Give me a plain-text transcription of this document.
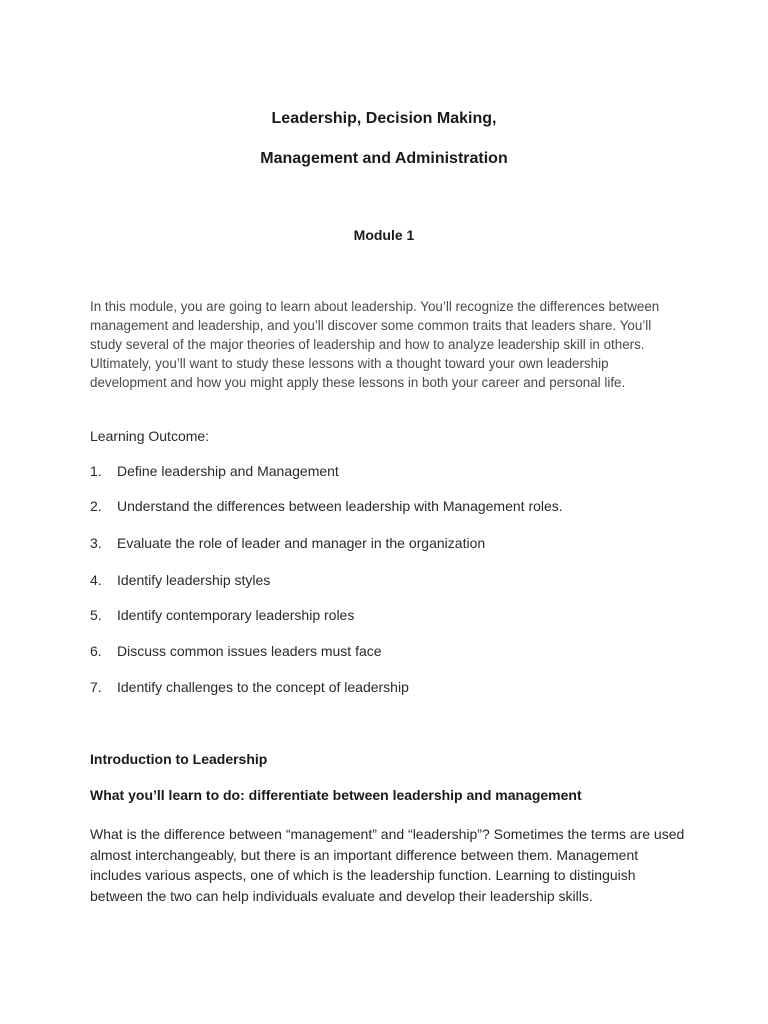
Leadership, Decision Making,
Management and Administration
Module 1

In this module, you are going to learn about leadership. You’ll recognize the differences between management and leadership, and you’ll discover some common traits that leaders share. You’ll study several of the major theories of leadership and how to analyze leadership skill in others. Ultimately, you’ll want to study these lessons with a thought toward your own leadership development and how you might apply these lessons in both your career and personal life.

Learning Outcome:

1. Define leadership and Management
2. Understand the differences between leadership with Management roles.
3. Evaluate the role of leader and manager in the organization
4. Identify leadership styles
5. Identify contemporary leadership roles
6. Discuss common issues leaders must face
7. Identify challenges to the concept of leadership
Introduction to Leadership
What you’ll learn to do: differentiate between leadership and management

What is the difference between “management” and “leadership”? Sometimes the terms are used almost interchangeably, but there is an important difference between them. Management includes various aspects, one of which is the leadership function. Learning to distinguish between the two can help individuals evaluate and develop their leadership skills.
